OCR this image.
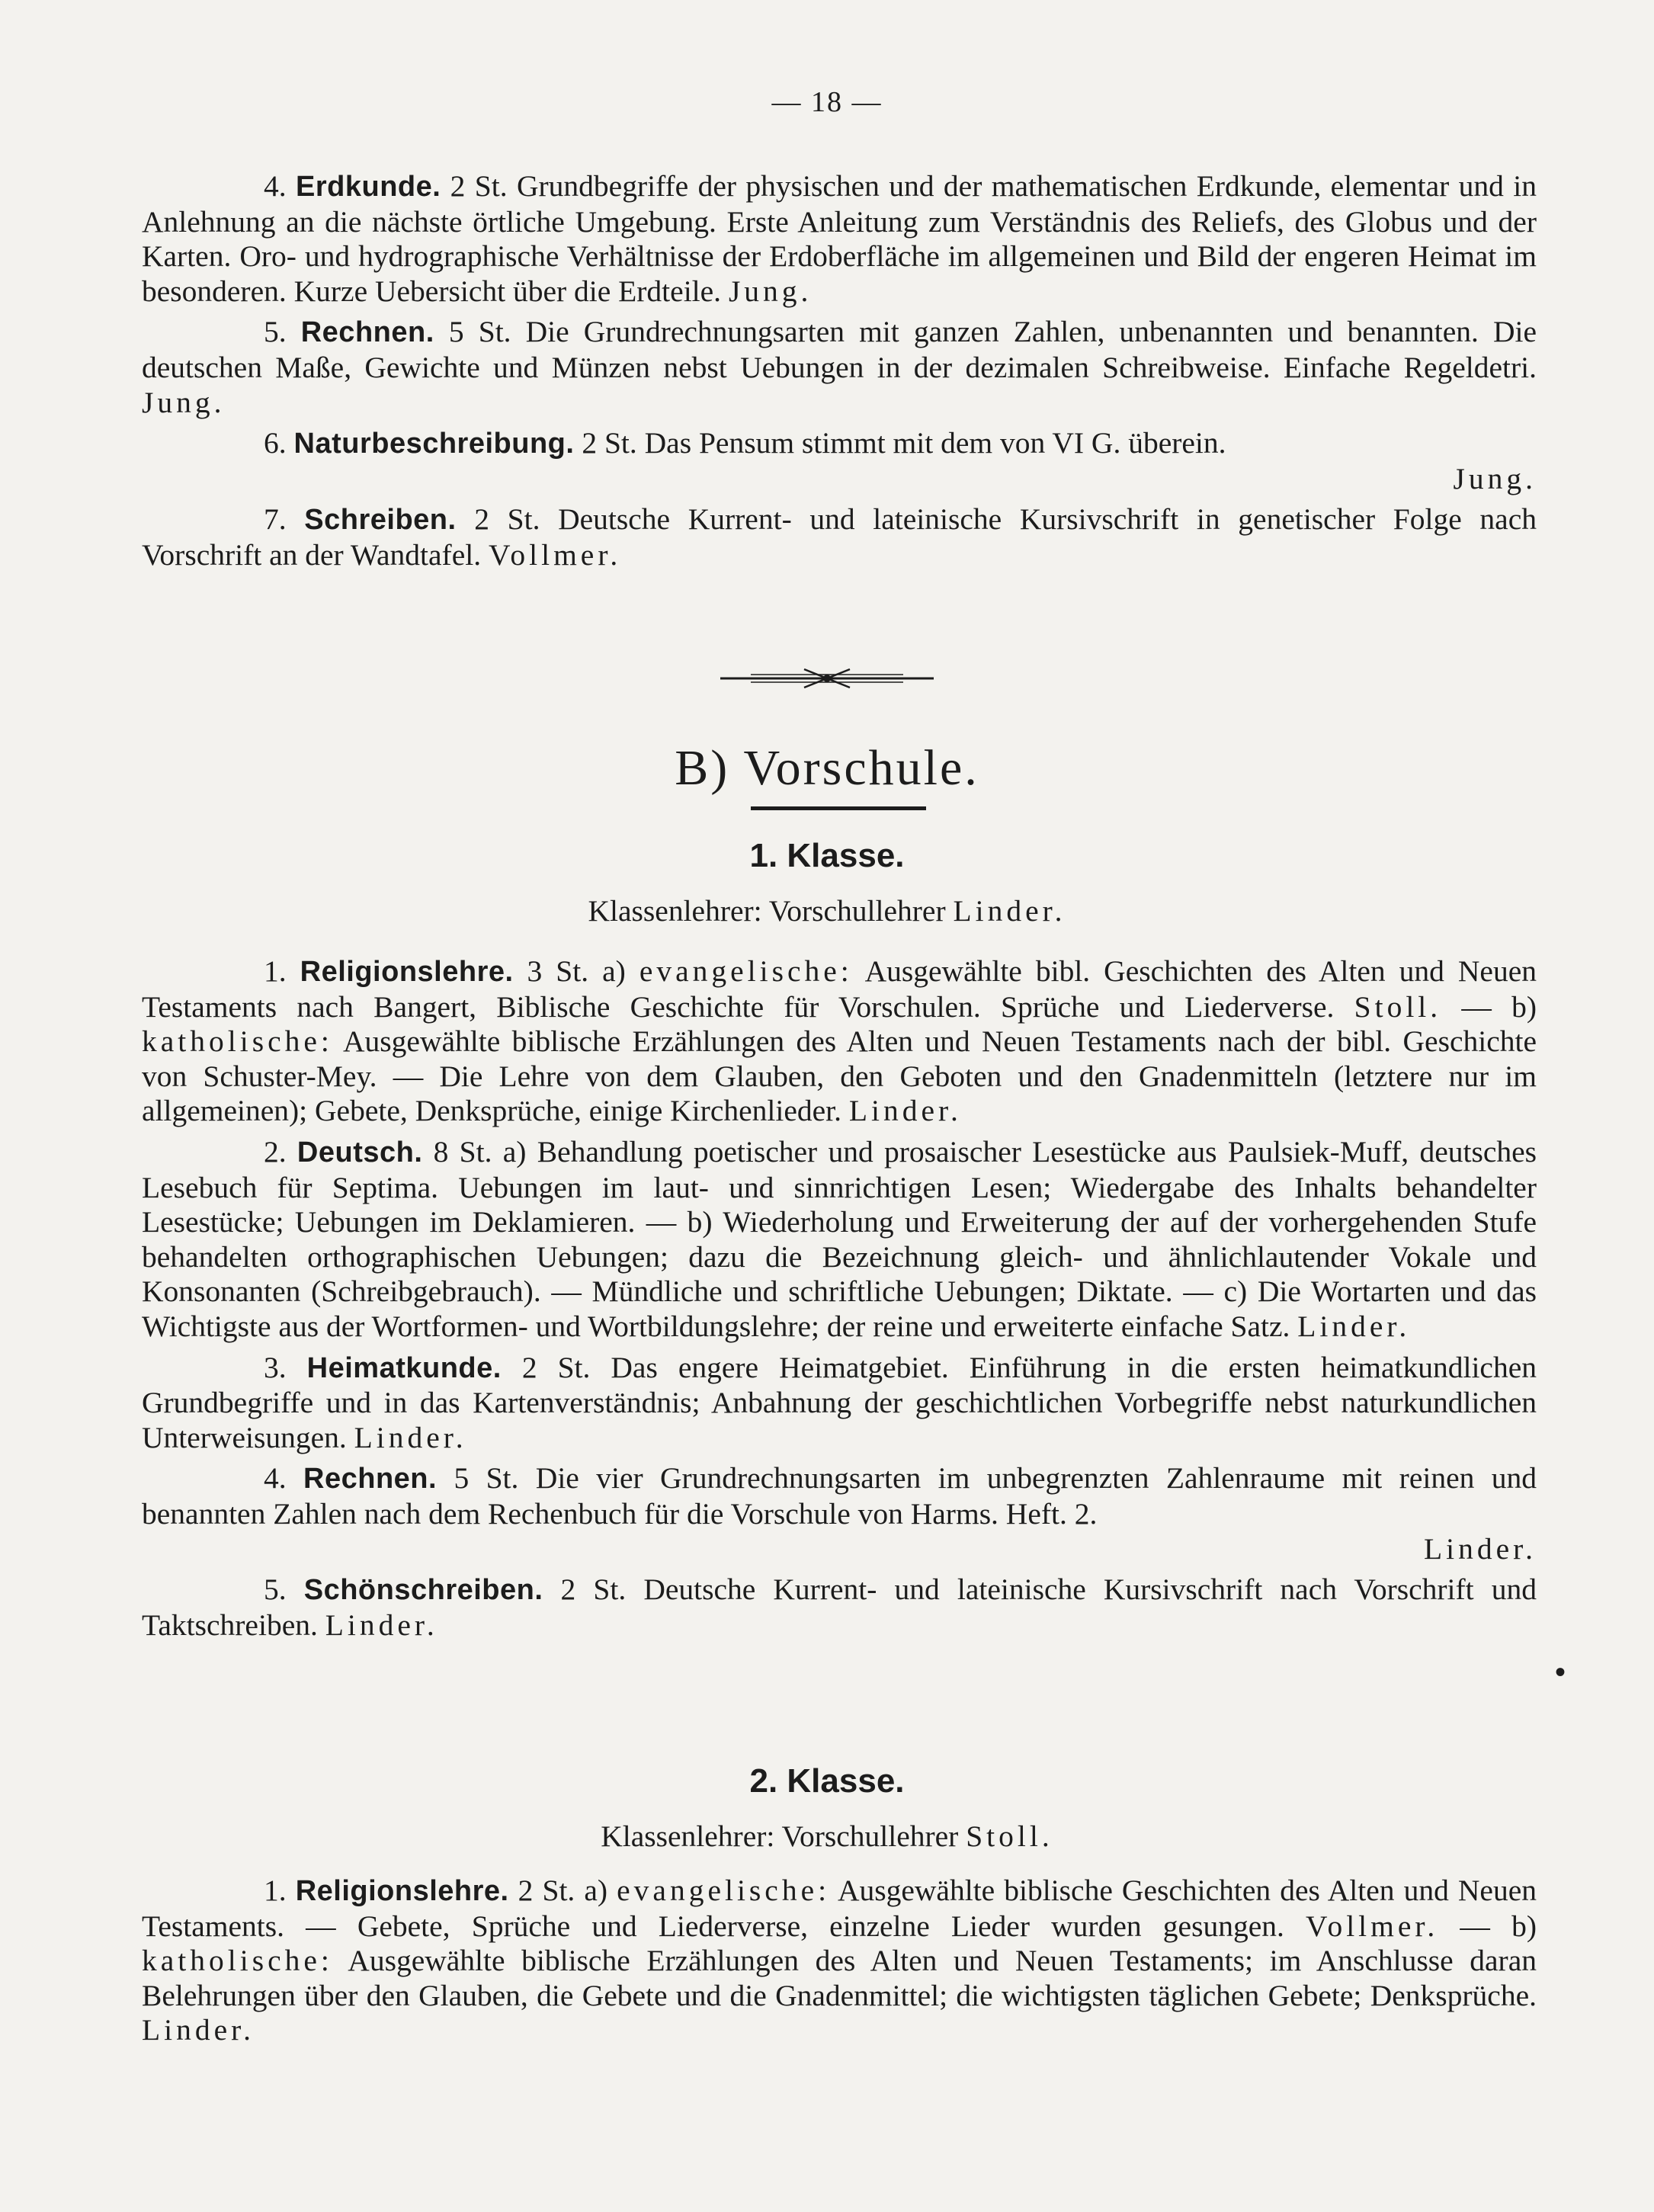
— 18 —

4. Erdkunde. 2 St. Grundbegriffe der physischen und der mathematischen Erdkunde, elementar und in Anlehnung an die nächste örtliche Umgebung. Erste Anleitung zum Verständnis des Reliefs, des Globus und der Karten. Oro- und hydrographische Verhältnisse der Erdoberfläche im allgemeinen und Bild der engeren Heimat im besonderen. Kurze Uebersicht über die Erdteile. Jung.

5. Rechnen. 5 St. Die Grundrechnungsarten mit ganzen Zahlen, unbenannten und benannten. Die deutschen Maße, Gewichte und Münzen nebst Uebungen in der dezimalen Schreibweise. Einfache Regeldetri. Jung.

6. Naturbeschreibung. 2 St. Das Pensum stimmt mit dem von VI G. überein.
Jung.

7. Schreiben. 2 St. Deutsche Kurrent- und lateinische Kursivschrift in genetischer Folge nach Vorschrift an der Wandtafel. Vollmer.

B) Vorschule.
1. Klasse.
Klassenlehrer: Vorschullehrer Linder.

1. Religionslehre. 3 St. a) evangelische: Ausgewählte bibl. Geschichten des Alten und Neuen Testaments nach Bangert, Biblische Geschichte für Vorschulen. Sprüche und Liederverse. Stoll. — b) katholische: Ausgewählte biblische Erzählungen des Alten und Neuen Testaments nach der bibl. Geschichte von Schuster-Mey. — Die Lehre von dem Glauben, den Geboten und den Gnadenmitteln (letztere nur im allgemeinen); Gebete, Denksprüche, einige Kirchenlieder. Linder.

2. Deutsch. 8 St. a) Behandlung poetischer und prosaischer Lesestücke aus Paulsiek-Muff, deutsches Lesebuch für Septima. Uebungen im laut- und sinnrichtigen Lesen; Wiedergabe des Inhalts behandelter Lesestücke; Uebungen im Deklamieren. — b) Wiederholung und Erweiterung der auf der vorhergehenden Stufe behandelten orthographischen Uebungen; dazu die Bezeichnung gleich- und ähnlichlautender Vokale und Konsonanten (Schreibgebrauch). — Mündliche und schriftliche Uebungen; Diktate. — c) Die Wortarten und das Wichtigste aus der Wortformen- und Wortbildungslehre; der reine und erweiterte einfache Satz. Linder.

3. Heimatkunde. 2 St. Das engere Heimatgebiet. Einführung in die ersten heimatkundlichen Grundbegriffe und in das Kartenverständnis; Anbahnung der geschichtlichen Vorbegriffe nebst naturkundlichen Unterweisungen. Linder.

4. Rechnen. 5 St. Die vier Grundrechnungsarten im unbegrenzten Zahlenraume mit reinen und benannten Zahlen nach dem Rechenbuch für die Vorschule von Harms. Heft. 2.
Linder.

5. Schönschreiben. 2 St. Deutsche Kurrent- und lateinische Kursivschrift nach Vorschrift und Taktschreiben. Linder.

2. Klasse.
Klassenlehrer: Vorschullehrer Stoll.

1. Religionslehre. 2 St. a) evangelische: Ausgewählte biblische Geschichten des Alten und Neuen Testaments. — Gebete, Sprüche und Liederverse, einzelne Lieder wurden gesungen. Vollmer. — b) katholische: Ausgewählte biblische Erzählungen des Alten und Neuen Testaments; im Anschlusse daran Belehrungen über den Glauben, die Gebete und die Gnadenmittel; die wichtigsten täglichen Gebete; Denksprüche. Linder.

•
